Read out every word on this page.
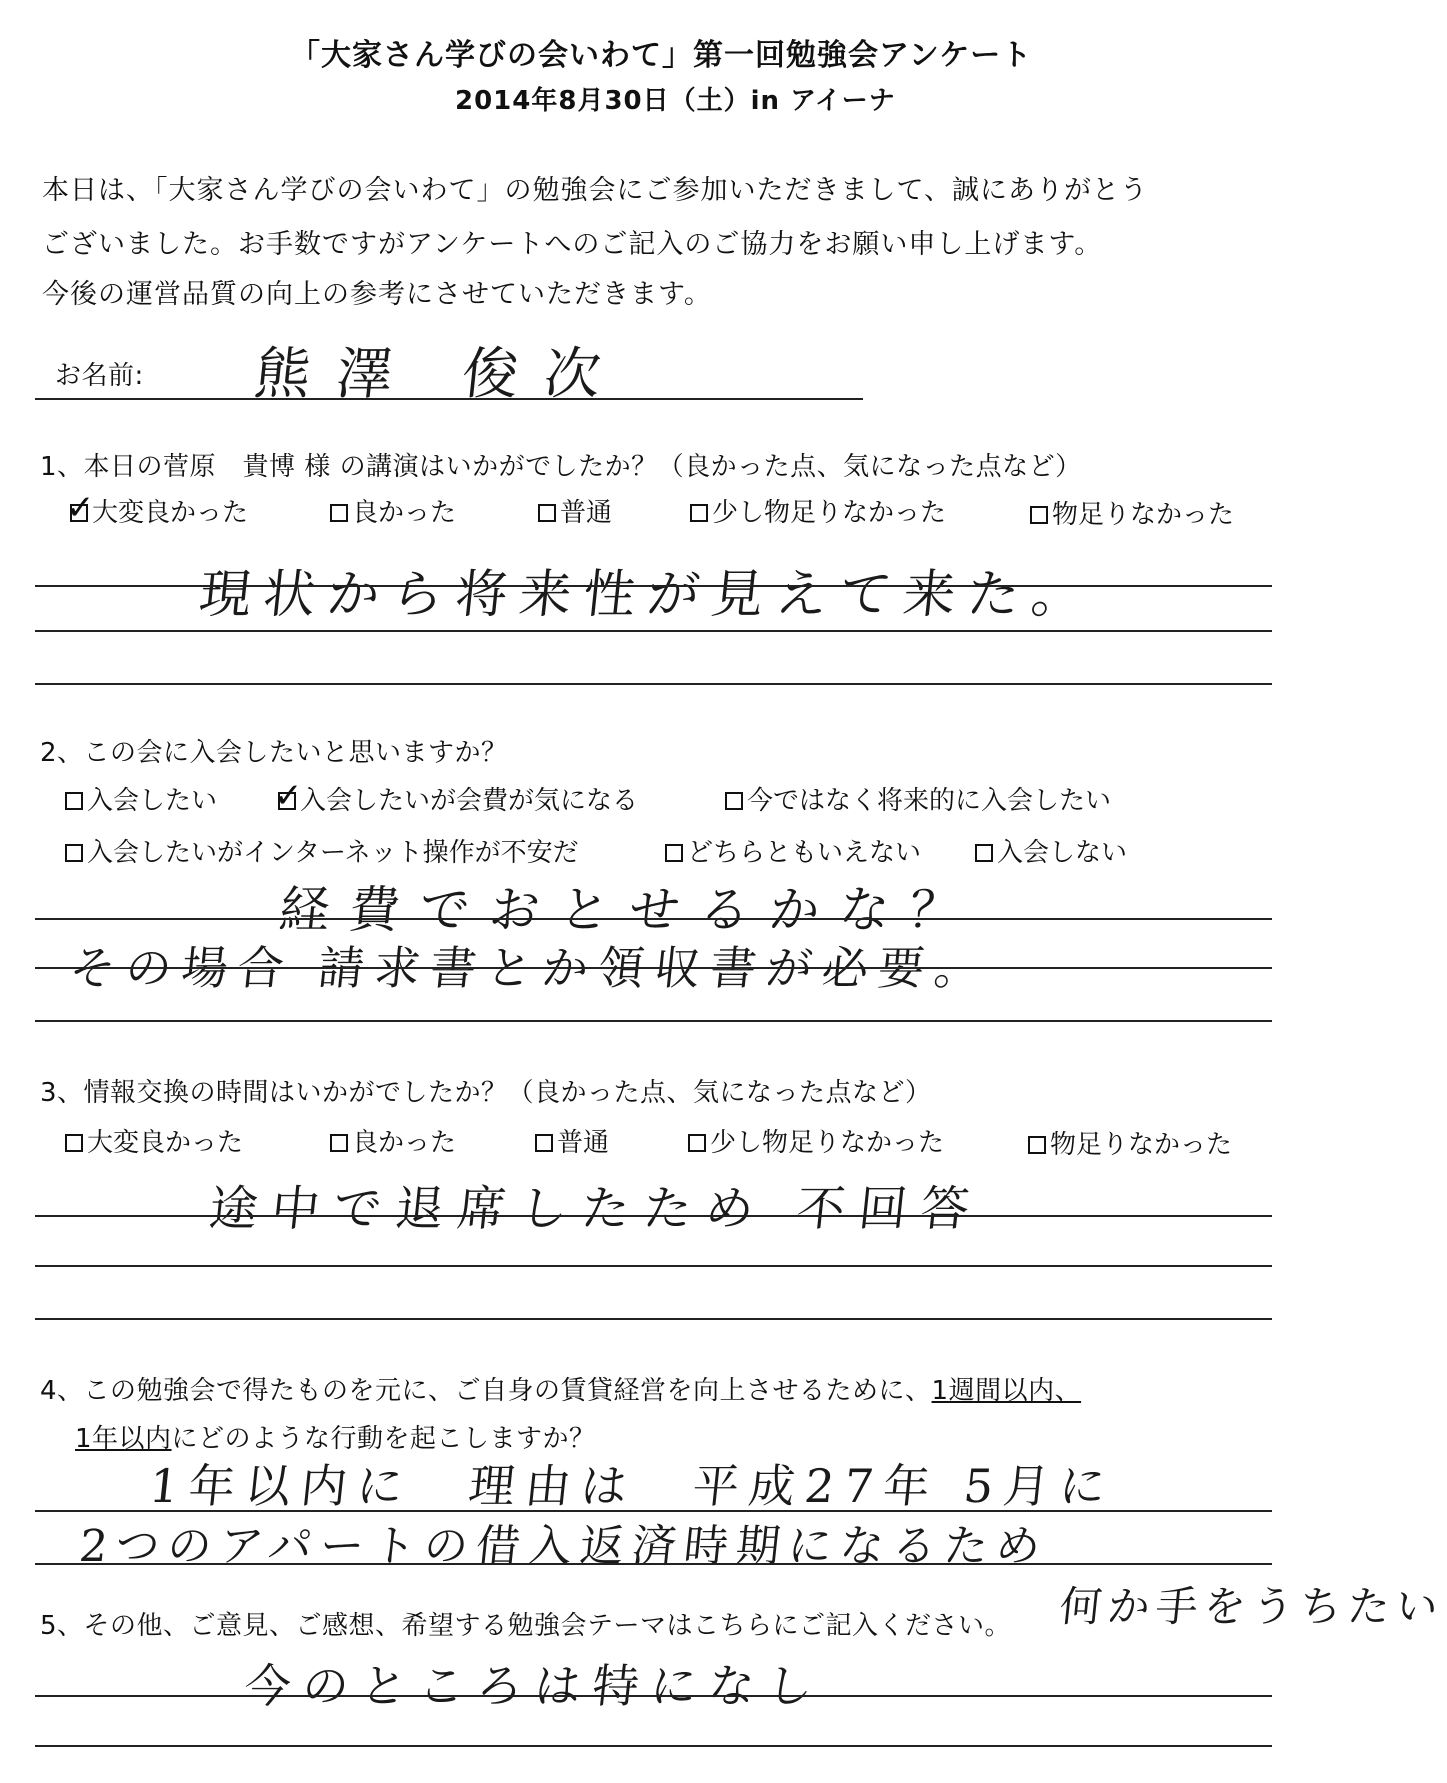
「大家さん学びの会いわて」第一回勉強会アンケート
2014年8月30日（土）in アイーナ
本日は、「大家さん学びの会いわて」の勉強会にご参加いただきまして、誠にありがとう
ございました。お手数ですがアンケートへのご記入のご協力をお願い申し上げます。
今後の運営品質の向上の参考にさせていただきます。
お名前: 熊澤 俊次
1、本日の菅原　貴博 様 の講演はいかがでしたか？（良かった点、気になった点など）
✓
大変良かった	良かった	普通	少し物足りなかった	物足りなかった
現状から将来性が見えて来た。
2、この会に入会したいと思いますか？
入会したい ✓
入会したいが会費が気になる	今ではなく将来的に入会したい
入会したいがインターネット操作が不安だ	どちらともいえない	入会しない
経費でおとせるかな？
その場合 請求書とか領収書が必要。
3、情報交換の時間はいかがでしたか？（良かった点、気になった点など）
大変良かった	良かった	普通	少し物足りなかった	物足りなかった
途中で退席したため 不回答
4、この勉強会で得たものを元に、ご自身の賃貸経営を向上させるために、1週間以内、
1年以内にどのような行動を起こしますか？
1年以内に　理由は　平成27年 5月に
2つのアパートの借入返済時期になるため
何か手をうちたい
5、その他、ご意見、ご感想、希望する勉強会テーマはこちらにご記入ください。
今のところは特になし
